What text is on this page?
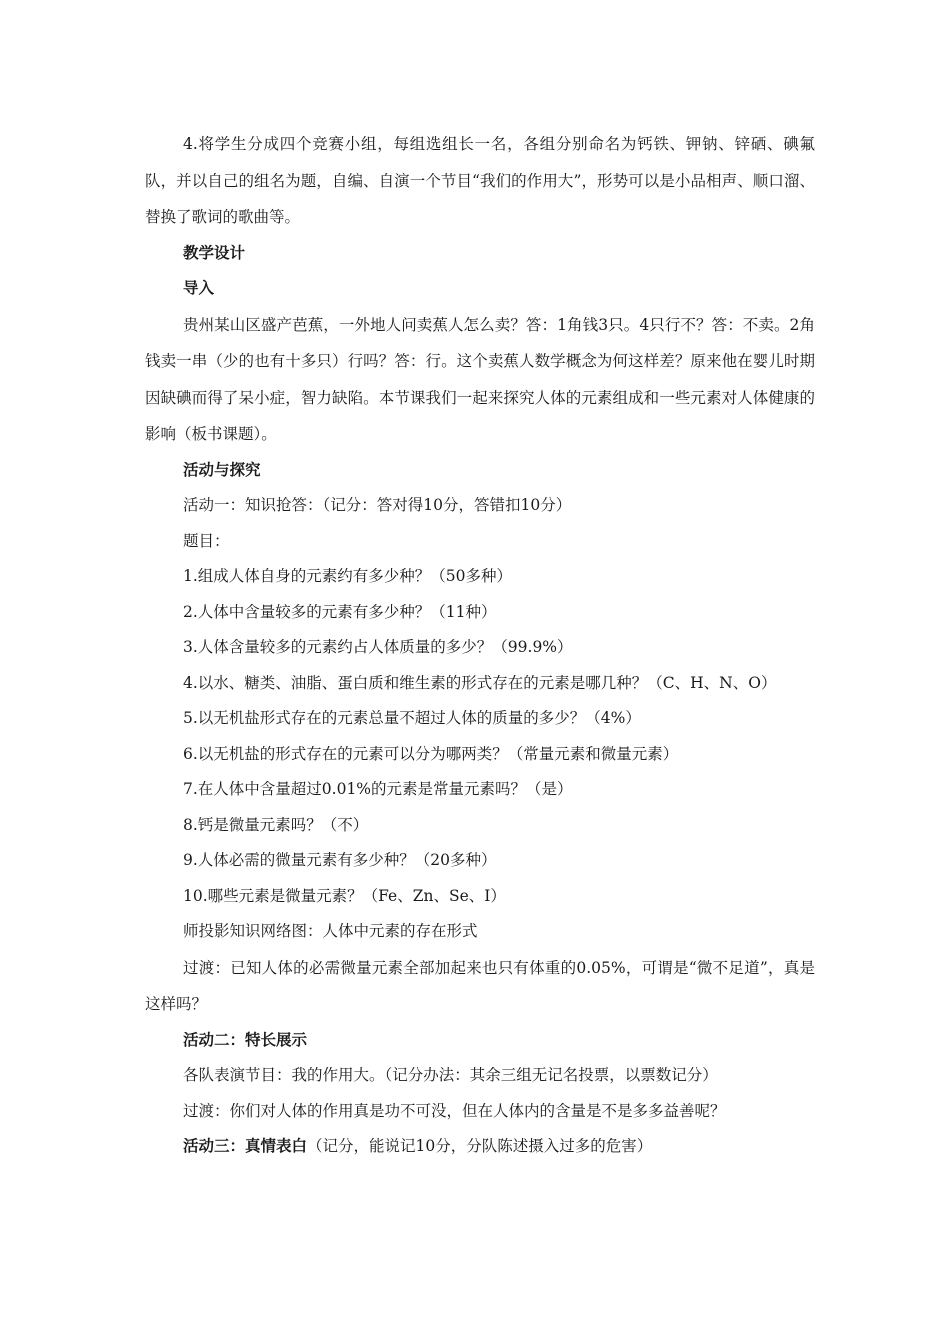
4.将学生分成四个竞赛小组，每组选组长一名，各组分别命名为钙铁、钾钠、锌硒、碘氟队，并以自己的组名为题，自编、自演一个节目“我们的作用大”，形势可以是小品相声、顺口溜、替换了歌词的歌曲等。

教学设计

导入

贵州某山区盛产芭蕉，一外地人问卖蕉人怎么卖？答：1角钱3只。4只行不？答：不卖。2角钱卖一串（少的也有十多只）行吗？答：行。这个卖蕉人数学概念为何这样差？原来他在婴儿时期因缺碘而得了呆小症，智力缺陷。本节课我们一起来探究人体的元素组成和一些元素对人体健康的影响（板书课题）。

活动与探究

活动一：知识抢答：（记分：答对得10分，答错扣10分）

题目：

1.组成人体自身的元素约有多少种？（50多种）

2.人体中含量较多的元素有多少种？（11种）

3.人体含量较多的元素约占人体质量的多少？（99.9%）

4.以水、糖类、油脂、蛋白质和维生素的形式存在的元素是哪几种？（C、H、N、O）

5.以无机盐形式存在的元素总量不超过人体的质量的多少？（4%）

6.以无机盐的形式存在的元素可以分为哪两类？（常量元素和微量元素）

7.在人体中含量超过0.01%的元素是常量元素吗？（是）

8.钙是微量元素吗？（不）

9.人体必需的微量元素有多少种？（20多种）

10.哪些元素是微量元素？（Fe、Zn、Se、I）

师投影知识网络图：人体中元素的存在形式

过渡：已知人体的必需微量元素全部加起来也只有体重的0.05%，可谓是“微不足道”，真是这样吗？

活动二：特长展示

各队表演节目：我的作用大。（记分办法：其余三组无记名投票，以票数记分）

过渡：你们对人体的作用真是功不可没，但在人体内的含量是不是多多益善呢？

活动三：真情表白（记分，能说记10分，分队陈述摄入过多的危害）
